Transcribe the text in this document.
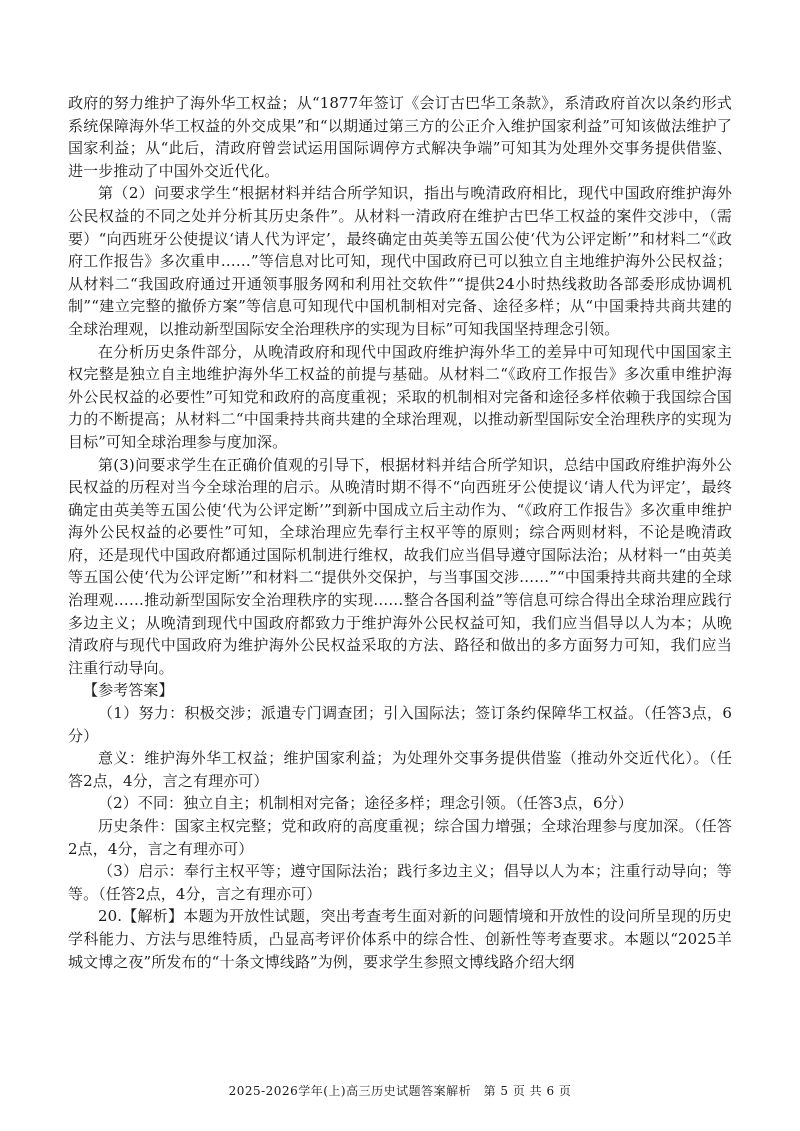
政府的努力维护了海外华工权益；从“1877年签订《会订古巴华工条款》，系清政府首次以条约形式系统保障海外华工权益的外交成果”和“以期通过第三方的公正介入维护国家利益”可知该做法维护了国家利益；从“此后，清政府曾尝试运用国际调停方式解决争端”可知其为处理外交事务提供借鉴、进一步推动了中国外交近代化。

第（2）问要求学生“根据材料并结合所学知识，指出与晚清政府相比，现代中国政府维护海外公民权益的不同之处并分析其历史条件”。从材料一清政府在维护古巴华工权益的案件交涉中，（需要）“向西班牙公使提议‘请人代为评定’，最终确定由英美等五国公使‘代为公评定断’”和材料二“《政府工作报告》多次重申……”等信息对比可知，现代中国政府已可以独立自主地维护海外公民权益；从材料二“我国政府通过开通领事服务网和利用社交软件”“提供24小时热线救助各部委形成协调机制”“建立完整的撤侨方案”等信息可知现代中国机制相对完备、途径多样；从“中国秉持共商共建的全球治理观，以推动新型国际安全治理秩序的实现为目标”可知我国坚持理念引领。

在分析历史条件部分，从晚清政府和现代中国政府维护海外华工的差异中可知现代中国国家主权完整是独立自主地维护海外华工权益的前提与基础。从材料二“《政府工作报告》多次重申维护海外公民权益的必要性”可知党和政府的高度重视；采取的机制相对完备和途径多样依赖于我国综合国力的不断提高；从材料二“中国秉持共商共建的全球治理观，以推动新型国际安全治理秩序的实现为目标”可知全球治理参与度加深。

第(3)问要求学生在正确价值观的引导下，根据材料并结合所学知识，总结中国政府维护海外公民权益的历程对当今全球治理的启示。从晚清时期不得不“向西班牙公使提议‘请人代为评定’，最终确定由英美等五国公使‘代为公评定断’”到新中国成立后主动作为、“《政府工作报告》多次重申维护海外公民权益的必要性”可知，全球治理应先奉行主权平等的原则；综合两则材料，不论是晚清政府，还是现代中国政府都通过国际机制进行维权，故我们应当倡导遵守国际法治；从材料一“由英美等五国公使‘代为公评定断’”和材料二“提供外交保护，与当事国交涉……”“中国秉持共商共建的全球治理观……推动新型国际安全治理秩序的实现……整合各国利益”等信息可综合得出全球治理应践行多边主义；从晚清到现代中国政府都致力于维护海外公民权益可知，我们应当倡导以人为本；从晚清政府与现代中国政府为维护海外公民权益采取的方法、路径和做出的多方面努力可知，我们应当注重行动导向。

【参考答案】

（1）努力：积极交涉；派遣专门调查团；引入国际法；签订条约保障华工权益。（任答3点，6分）

意义：维护海外华工权益；维护国家利益；为处理外交事务提供借鉴（推动外交近代化）。（任答2点，4分，言之有理亦可）

（2）不同：独立自主；机制相对完备；途径多样；理念引领。（任答3点，6分）

历史条件：国家主权完整；党和政府的高度重视；综合国力增强；全球治理参与度加深。（任答2点，4分，言之有理亦可）

（3）启示：奉行主权平等；遵守国际法治；践行多边主义；倡导以人为本；注重行动导向；等等。（任答2点，4分，言之有理亦可）

20.【解析】本题为开放性试题，突出考查考生面对新的问题情境和开放性的设问所呈现的历史学科能力、方法与思维特质，凸显高考评价体系中的综合性、创新性等考查要求。本题以“2025羊城文博之夜”所发布的“十条文博线路”为例，要求学生参照文博线路介绍大纲

2025-2026学年(上)高三历史试题答案解析　第 5 页 共 6 页
